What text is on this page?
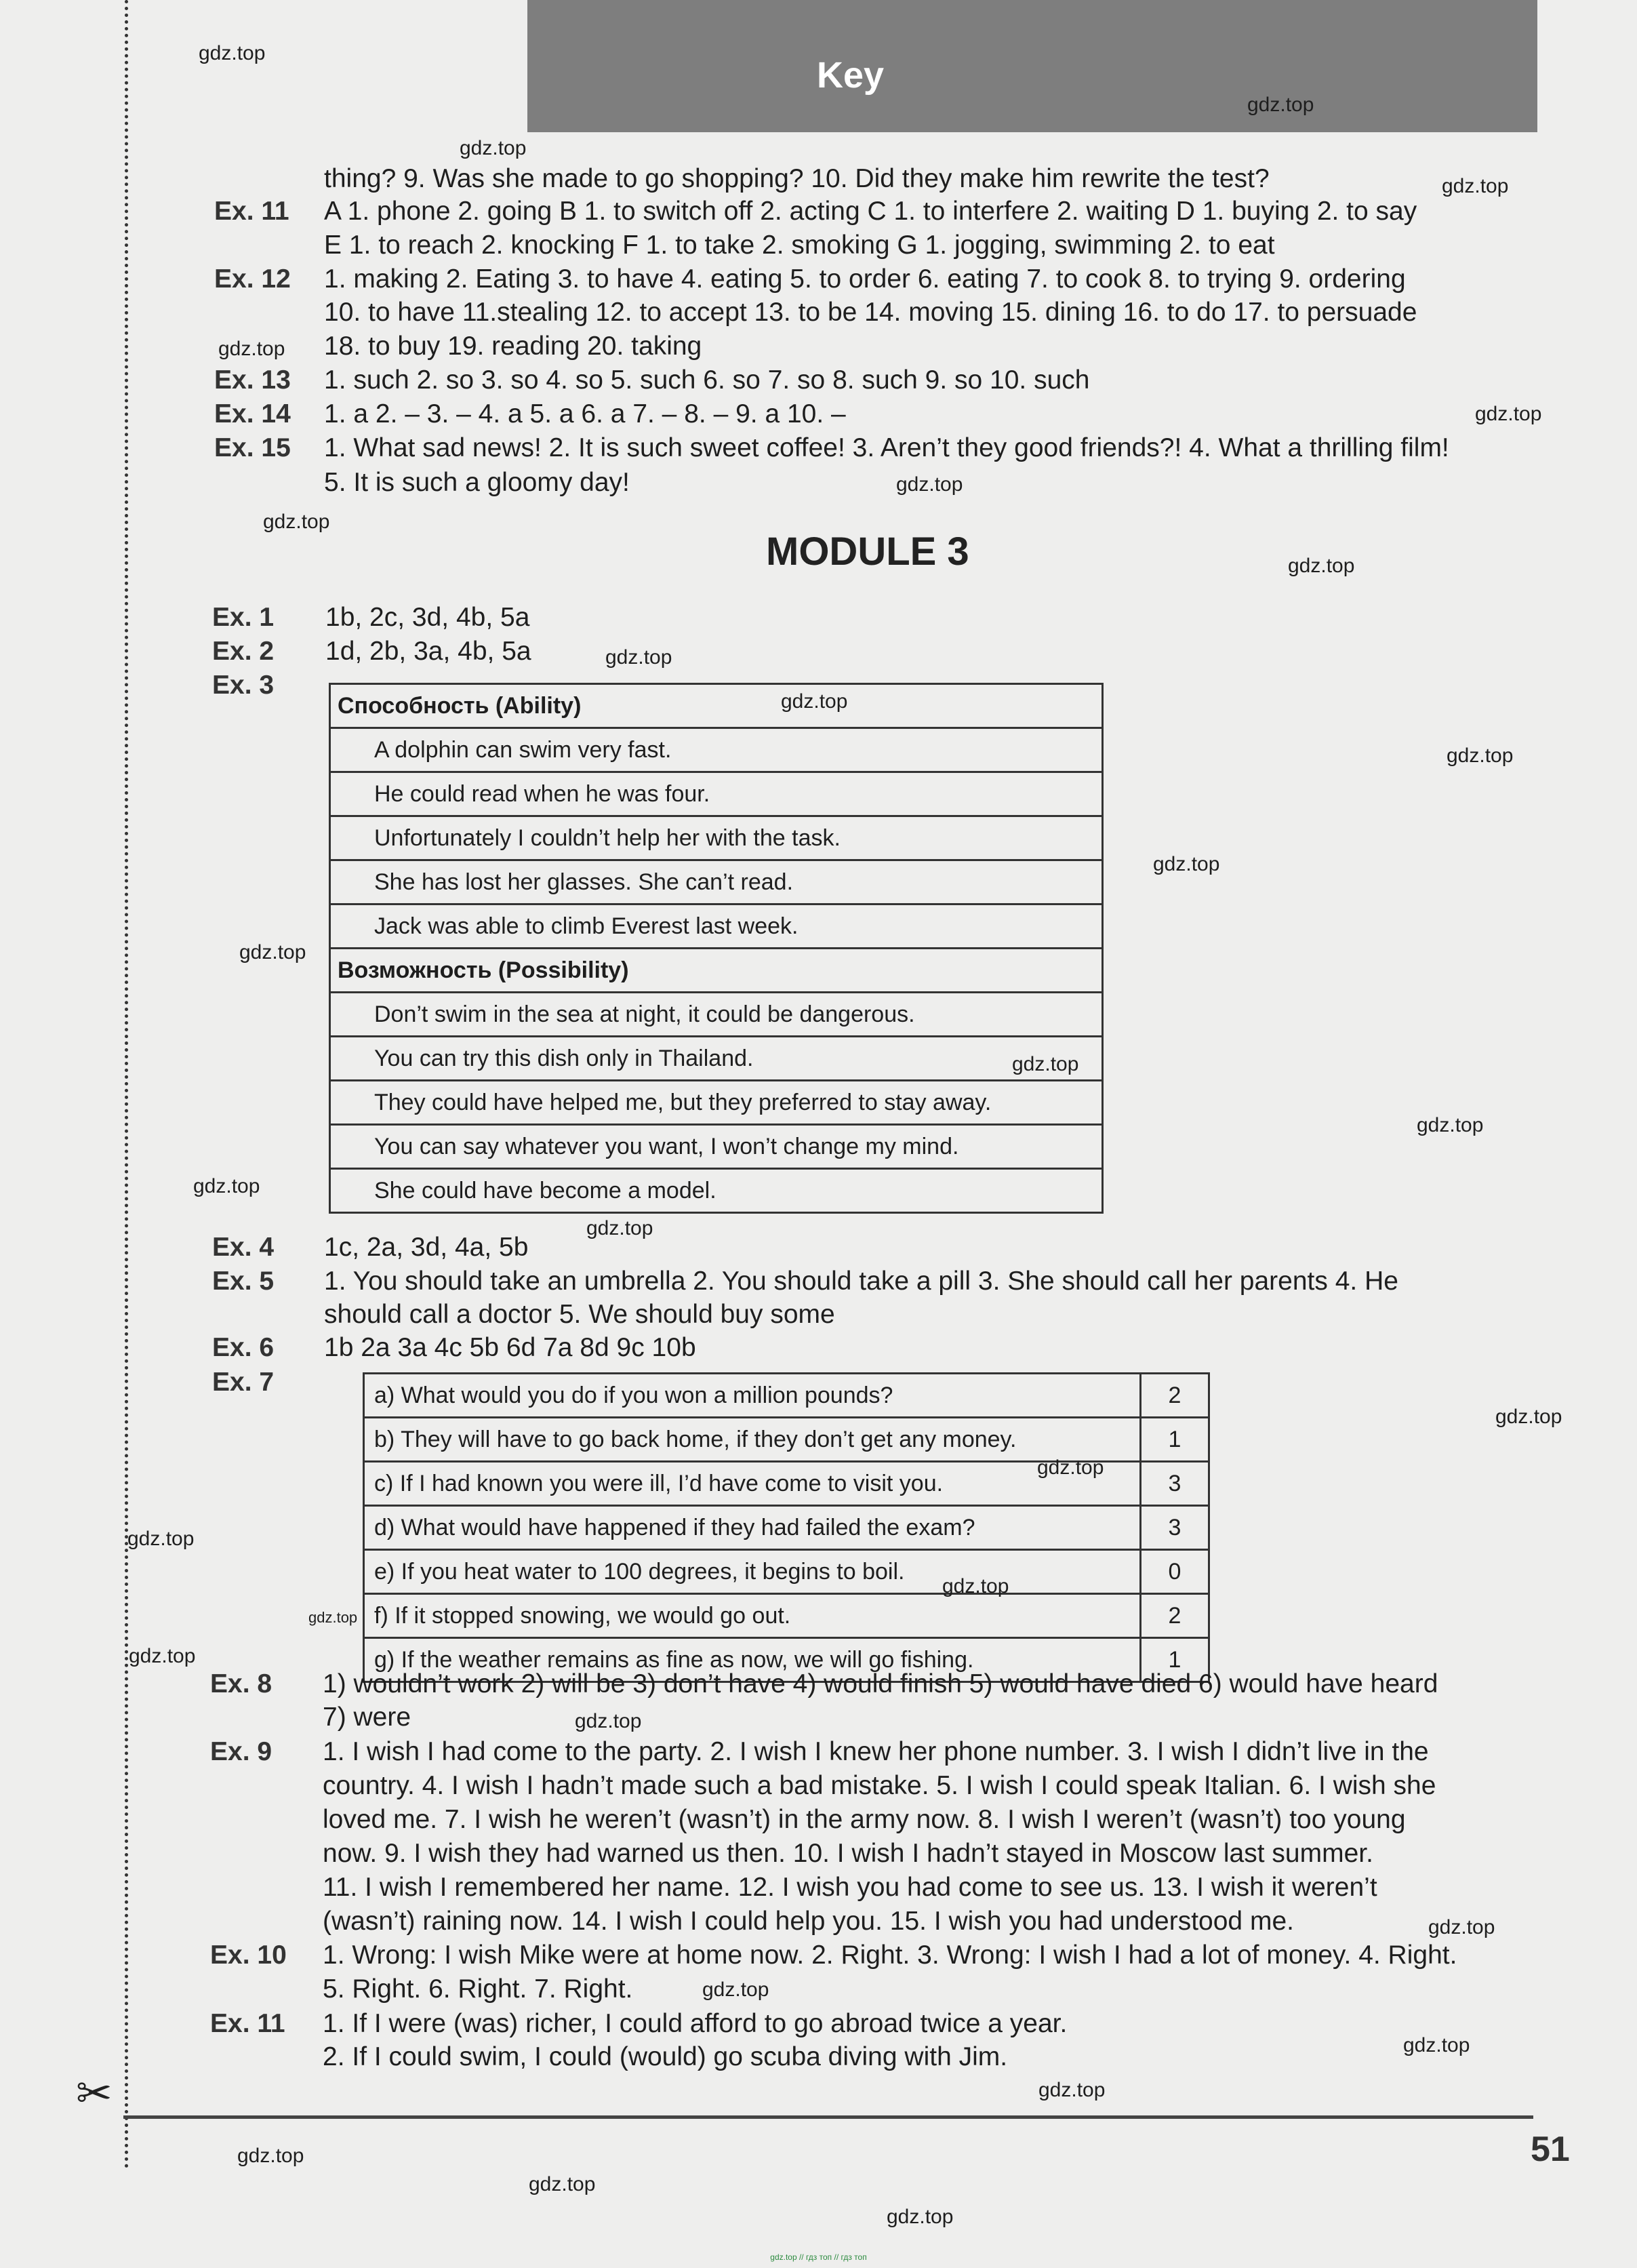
Key
thing? 9. Was she made to go shopping? 10. Did they make him rewrite the test?
Ex. 11 A 1. phone 2. going B 1. to switch off 2. acting C 1. to interfere 2. waiting D 1. buying 2. to say
E 1. to reach 2. knocking F 1. to take 2. smoking G 1. jogging, swimming 2. to eat
Ex. 12 1. making 2. Eating 3. to have 4. eating 5. to order 6. eating 7. to cook 8. to trying 9. ordering
10. to have 11.stealing 12. to accept 13. to be 14. moving 15. dining 16. to do 17. to persuade
18. to buy 19. reading 20. taking
Ex. 13 1. such 2. so 3. so 4. so 5. such 6. so 7. so 8. such 9. so 10. such
Ex. 14 1. a 2. – 3. – 4. a 5. a 6. a 7. – 8. – 9. a 10. –
Ex. 15 1. What sad news! 2. It is such sweet coffee! 3. Aren’t they good friends?! 4. What a thrilling film!
5. It is such a gloomy day!
MODULE 3
Ex. 1 1b, 2c, 3d, 4b, 5a
Ex. 2 1d, 2b, 3a, 4b, 5a
Ex. 3
Способность (Ability)
A dolphin can swim very fast.
He could read when he was four.
Unfortunately I couldn’t help her with the task.
She has lost her glasses. She can’t read.
Jack was able to climb Everest last week.
Возможность (Possibility)
Don’t swim in the sea at night, it could be dangerous.
You can try this dish only in Thailand.
They could have helped me, but they preferred to stay away.
You can say whatever you want, I won’t change my mind.
She could have become a model.
Ex. 4 1c, 2a, 3d, 4a, 5b
Ex. 5 1. You should take an umbrella 2. You should take a pill 3. She should call her parents 4. He
should call a doctor 5. We should buy some
Ex. 6 1b 2a 3a 4c 5b 6d 7a 8d 9c 10b
Ex. 7	a) What would you do if you won a million pounds?	2
b) They will have to go back home, if they don’t get any money.	1
c) If I had known you were ill, I’d have come to visit you.	3
d) What would have happened if they had failed the exam?	3
e) If you heat water to 100 degrees, it begins to boil.	0
f) If it stopped snowing, we would go out.	2
g) If the weather remains as fine as now, we will go fishing.	1
Ex. 8 1) wouldn’t work 2) will be 3) don’t have 4) would finish 5) would have died 6) would have heard
7) were
Ex. 9 1. I wish I had come to the party. 2. I wish I knew her phone number. 3. I wish I didn’t live in the
country. 4. I wish I hadn’t made such a bad mistake. 5. I wish I could speak Italian. 6. I wish she
loved me. 7. I wish he weren’t (wasn’t) in the army now. 8. I wish I weren’t (wasn’t) too young
now. 9. I wish they had warned us then. 10. I wish I hadn’t stayed in Moscow last summer.
11. I wish I remembered her name. 12. I wish you had come to see us. 13. I wish it weren’t
(wasn’t) raining now. 14. I wish I could help you. 15. I wish you had understood me.
Ex. 10 1. Wrong: I wish Mike were at home now. 2. Right. 3. Wrong: I wish I had a lot of money. 4. Right.
5. Right. 6. Right. 7. Right.
Ex. 11 1. If I were (was) richer, I could afford to go abroad twice a year.
2. If I could swim, I could (would) go scuba diving with Jim.
✂
51
gdz.top // гдз топ // гдз топ
gdz.top
gdz.top
gdz.top
gdz.top
gdz.top
gdz.top
gdz.top
gdz.top
gdz.top
gdz.top
gdz.top
gdz.top
gdz.top
gdz.top
gdz.top
gdz.top
gdz.top
gdz.top
gdz.top
gdz.top
gdz.top
gdz.top
gdz.top
gdz.top
gdz.top
gdz.top
gdz.top
gdz.top
gdz.top
gdz.top
gdz.top
gdz.top
